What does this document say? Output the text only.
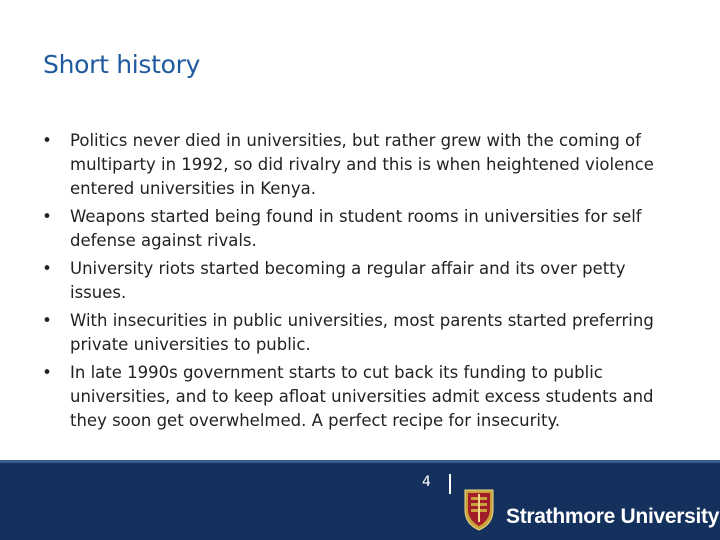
Short history
• Politics never died in universities, but rather grew with the coming of multiparty in 1992, so did rivalry and this is when heightened violence entered universities in Kenya.
• Weapons started being found in student rooms in universities for self defense against rivals.
• University riots started becoming a regular affair and its over petty issues.
• With insecurities in public universities, most parents started preferring private universities to public.
• In late 1990s government starts to cut back its funding to public universities, and to keep afloat universities admit excess students and they soon get overwhelmed. A perfect recipe for insecurity.
4
Strathmore University
